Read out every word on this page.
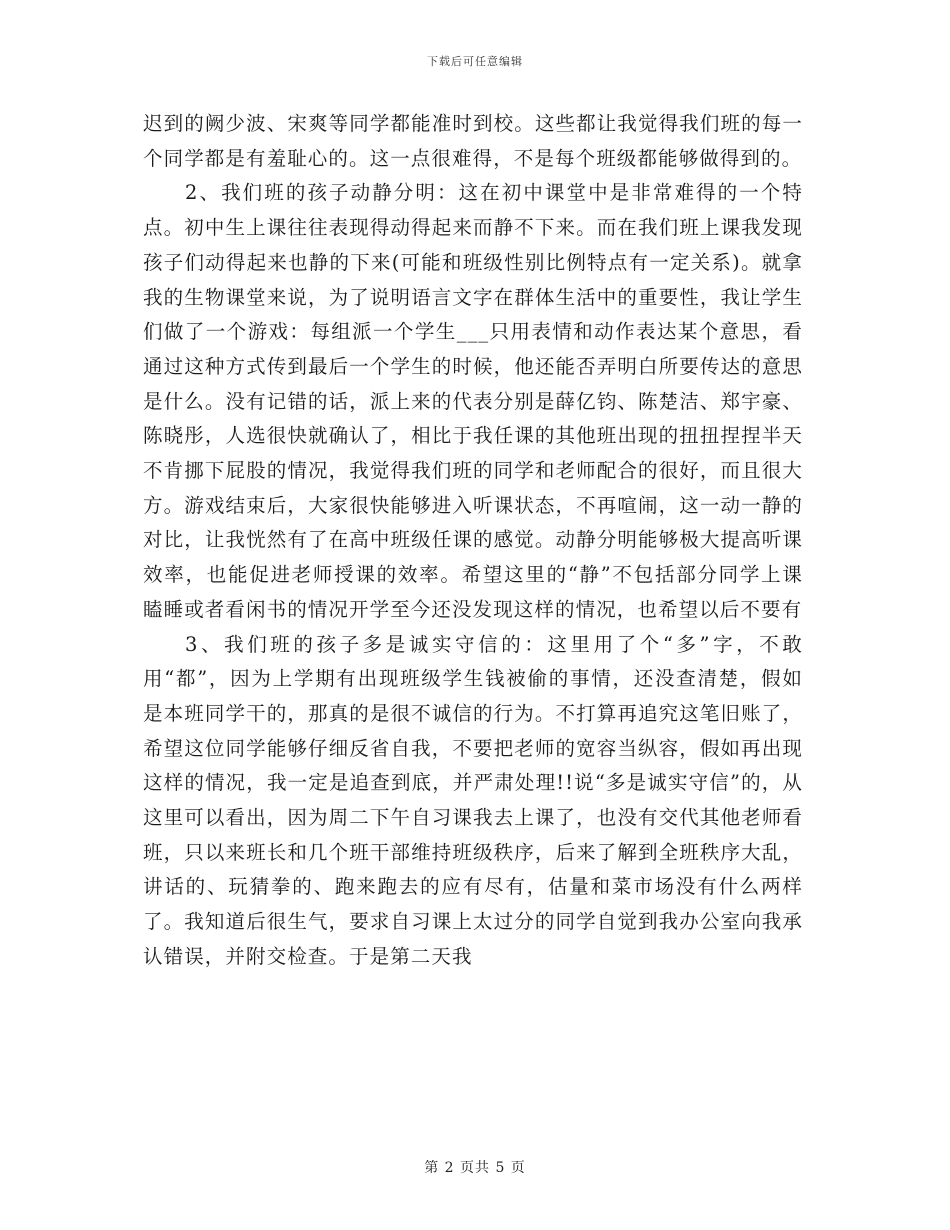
下载后可任意编辑

迟到的阙少波、宋爽等同学都能准时到校。这些都让我觉得我们班的每一个同学都是有羞耻心的。这一点很难得，不是每个班级都能够做得到的。

2、我们班的孩子动静分明：这在初中课堂中是非常难得的一个特点。初中生上课往往表现得动得起来而静不下来。而在我们班上课我发现孩子们动得起来也静的下来(可能和班级性别比例特点有一定关系)。就拿我的生物课堂来说，为了说明语言文字在群体生活中的重要性，我让学生们做了一个游戏：每组派一个学生___只用表情和动作表达某个意思，看通过这种方式传到最后一个学生的时候，他还能否弄明白所要传达的意思是什么。没有记错的话，派上来的代表分别是薛亿钧、陈楚洁、郑宇豪、陈晓彤，人选很快就确认了，相比于我任课的其他班出现的扭扭捏捏半天不肯挪下屁股的情况，我觉得我们班的同学和老师配合的很好，而且很大方。游戏结束后，大家很快能够进入听课状态，不再喧闹，这一动一静的对比，让我恍然有了在高中班级任课的感觉。动静分明能够极大提高听课效率，也能促进老师授课的效率。希望这里的“静”不包括部分同学上课瞌睡或者看闲书的情况开学至今还没发现这样的情况，也希望以后不要有

3、我们班的孩子多是诚实守信的：这里用了个“多”字，不敢用“都”，因为上学期有出现班级学生钱被偷的事情，还没查清楚，假如是本班同学干的，那真的是很不诚信的行为。不打算再追究这笔旧账了，希望这位同学能够仔细反省自我，不要把老师的宽容当纵容，假如再出现这样的情况，我一定是追查到底，并严肃处理!!说“多是诚实守信”的，从这里可以看出，因为周二下午自习课我去上课了，也没有交代其他老师看班，只以来班长和几个班干部维持班级秩序，后来了解到全班秩序大乱，讲话的、玩猜拳的、跑来跑去的应有尽有，估量和菜市场没有什么两样了。我知道后很生气，要求自习课上太过分的同学自觉到我办公室向我承认错误，并附交检查。于是第二天我

第 2 页共 5 页
